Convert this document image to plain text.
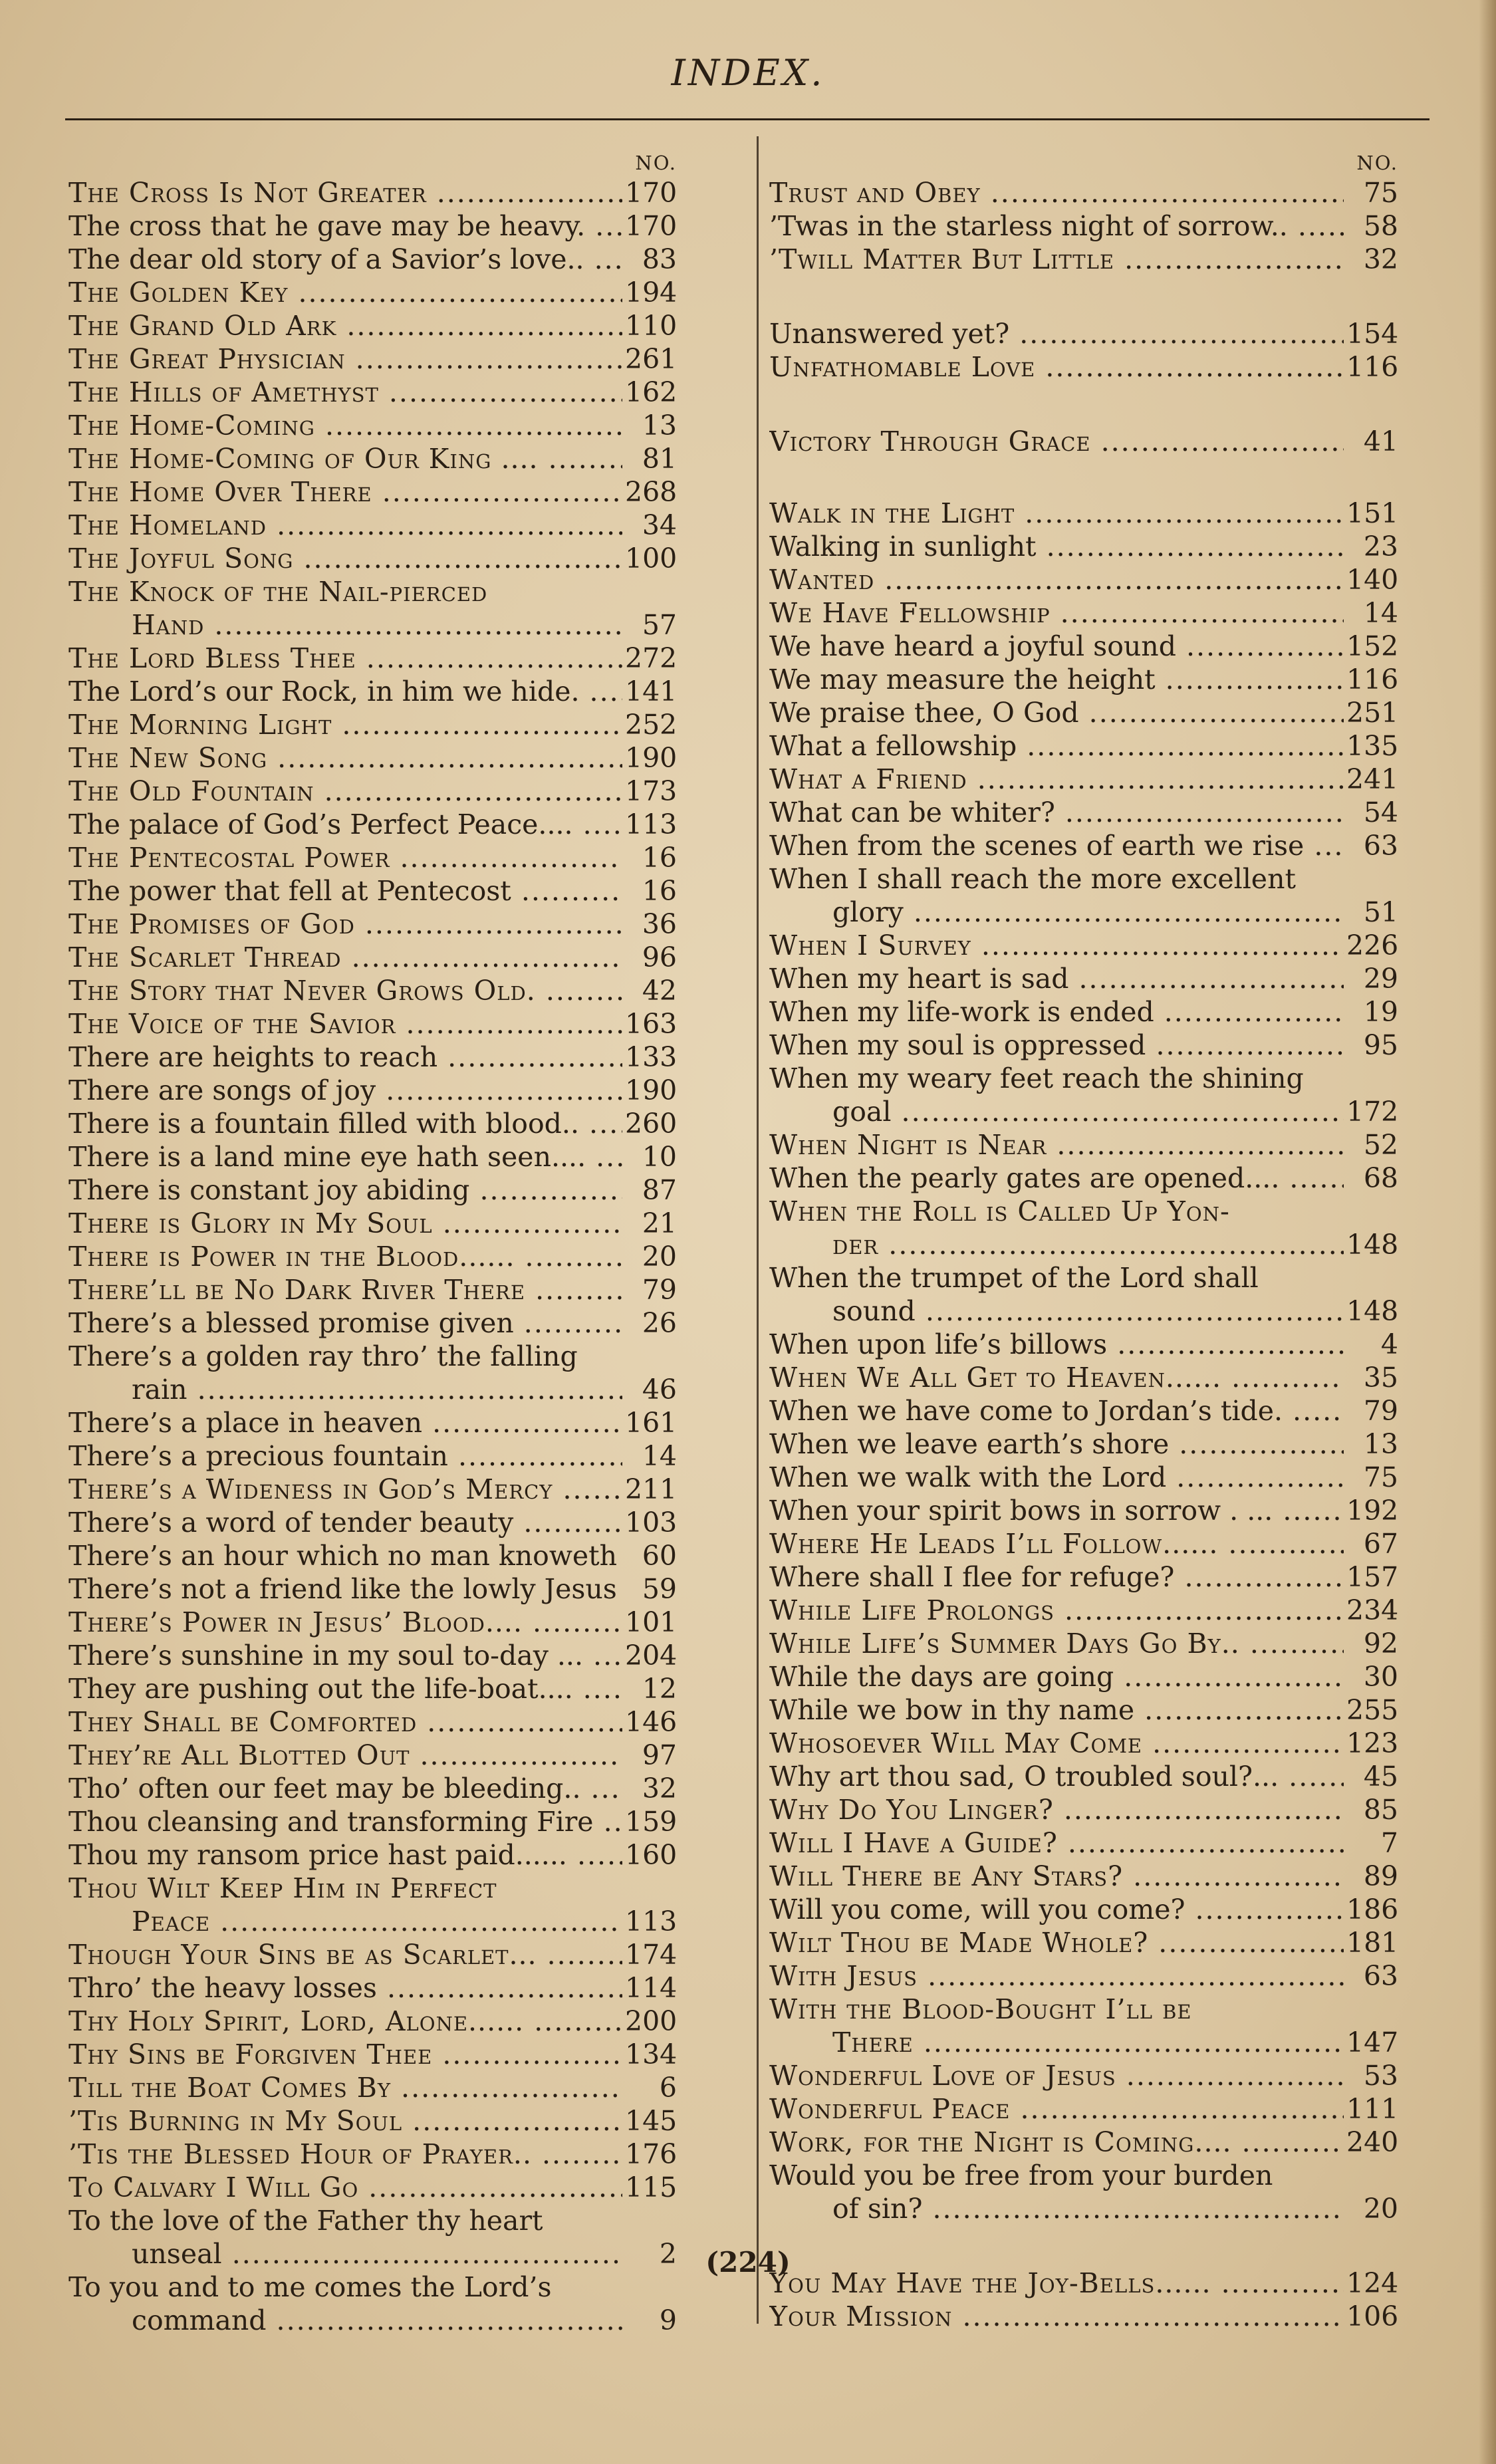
INDEX.
NO.
The Cross Is Not Greater .....	170
The cross that he gave may be heavy. .....	170
The dear old story of a Savior’s love.. .....	83
The Golden Key .....	194
The Grand Old Ark .....	110
The Great Physician .....	261
The Hills of Amethyst .....	162
The Home-Coming .....	13
The Home-Coming of Our King .... .....	81
The Home Over There .....	268
The Homeland .....	34
The Joyful Song .....	100
The Knock of the Nail-pierced
Hand .....	57
The Lord Bless Thee .....	272
The Lord’s our Rock, in him we hide. .....	141
The Morning Light .....	252
The New Song .....	190
The Old Fountain .....	173
The palace of God’s Perfect Peace.... .....	113
The Pentecostal Power .....	16
The power that fell at Pentecost .....	16
The Promises of God .....	36
The Scarlet Thread .....	96
The Story that Never Grows Old. .....	42
The Voice of the Savior .....	163
There are heights to reach .....	133
There are songs of joy .....	190
There is a fountain filled with blood.. .....	260
There is a land mine eye hath seen.... .....	10
There is constant joy abiding .....	87
There is Glory in My Soul .....	21
There is Power in the Blood...... .....	20
There’ll be No Dark River There .....	79
There’s a blessed promise given .....	26
There’s a golden ray thro’ the falling
rain .....	46
There’s a place in heaven .....	161
There’s a precious fountain .....	14
There’s a Wideness in God’s Mercy .....	211
There’s a word of tender beauty .....	103
There’s an hour which no man knoweth ..... 60
There’s not a friend like the lowly Jesus ..... 59
There’s Power in Jesus’ Blood.... .....	101
There’s sunshine in my soul to-day ... .....	204
They are pushing out the life-boat.... .....	12
They Shall be Comforted .....	146
They’re All Blotted Out .....	97
Tho’ often our feet may be bleeding.. .....	32
Thou cleansing and transforming Fire .....	159
Thou my ransom price hast paid...... .....	160
Thou Wilt Keep Him in Perfect
Peace .....	113
Though Your Sins be as Scarlet... .....	174
Thro’ the heavy losses .....	114
Thy Holy Spirit, Lord, Alone...... .....	200
Thy Sins be Forgiven Thee .....	134
Till the Boat Comes By .....	6
’Tis Burning in My Soul .....	145
’Tis the Blessed Hour of Prayer.. .....	176
To Calvary I Will Go .....	115
To the love of the Father thy heart
unseal .....	2
To you and to me comes the Lord’s
command .....	9
NO.
Trust and Obey .....	75
’Twas in the starless night of sorrow.. .....	58
’Twill Matter But Little .....	32
Unanswered yet? .....	154
Unfathomable Love .....	116
Victory Through Grace .....	41
Walk in the Light .....	151
Walking in sunlight .....	23
Wanted .....	140
We Have Fellowship .....	14
We have heard a joyful sound .....	152
We may measure the height .....	116
We praise thee, O God .....	251
What a fellowship .....	135
What a Friend .....	241
What can be whiter? .....	54
When from the scenes of earth we rise .....	63
When I shall reach the more excellent
glory .....	51
When I Survey .....	226
When my heart is sad .....	29
When my life-work is ended .....	19
When my soul is oppressed .....	95
When my weary feet reach the shining
goal .....	172
When Night is Near .....	52
When the pearly gates are opened.... .....	68
When the Roll is Called Up Yon-
der .....	148
When the trumpet of the Lord shall
sound .....	148
When upon life’s billows .....	4
When We All Get to Heaven...... .....	35
When we have come to Jordan’s tide. .....	79
When we leave earth’s shore .....	13
When we walk with the Lord .....	75
When your spirit bows in sorrow . ... .....	192
Where He Leads I’ll Follow...... .....	67
Where shall I flee for refuge? .....	157
While Life Prolongs .....	234
While Life’s Summer Days Go By.. .....	92
While the days are going .....	30
While we bow in thy name .....	255
Whosoever Will May Come .....	123
Why art thou sad, O troubled soul?... .....	45
Why Do You Linger? .....	85
Will I Have a Guide? .....	7
Will There be Any Stars? .....	89
Will you come, will you come? .....	186
Wilt Thou be Made Whole? .....	181
With Jesus .....	63
With the Blood-Bought I’ll be
There .....	147
Wonderful Love of Jesus .....	53
Wonderful Peace .....	111
Work, for the Night is Coming.... .....	240
Would you be free from your burden
of sin? .....	20
You May Have the Joy-Bells...... .....	124
Your Mission .....	106
(224)
